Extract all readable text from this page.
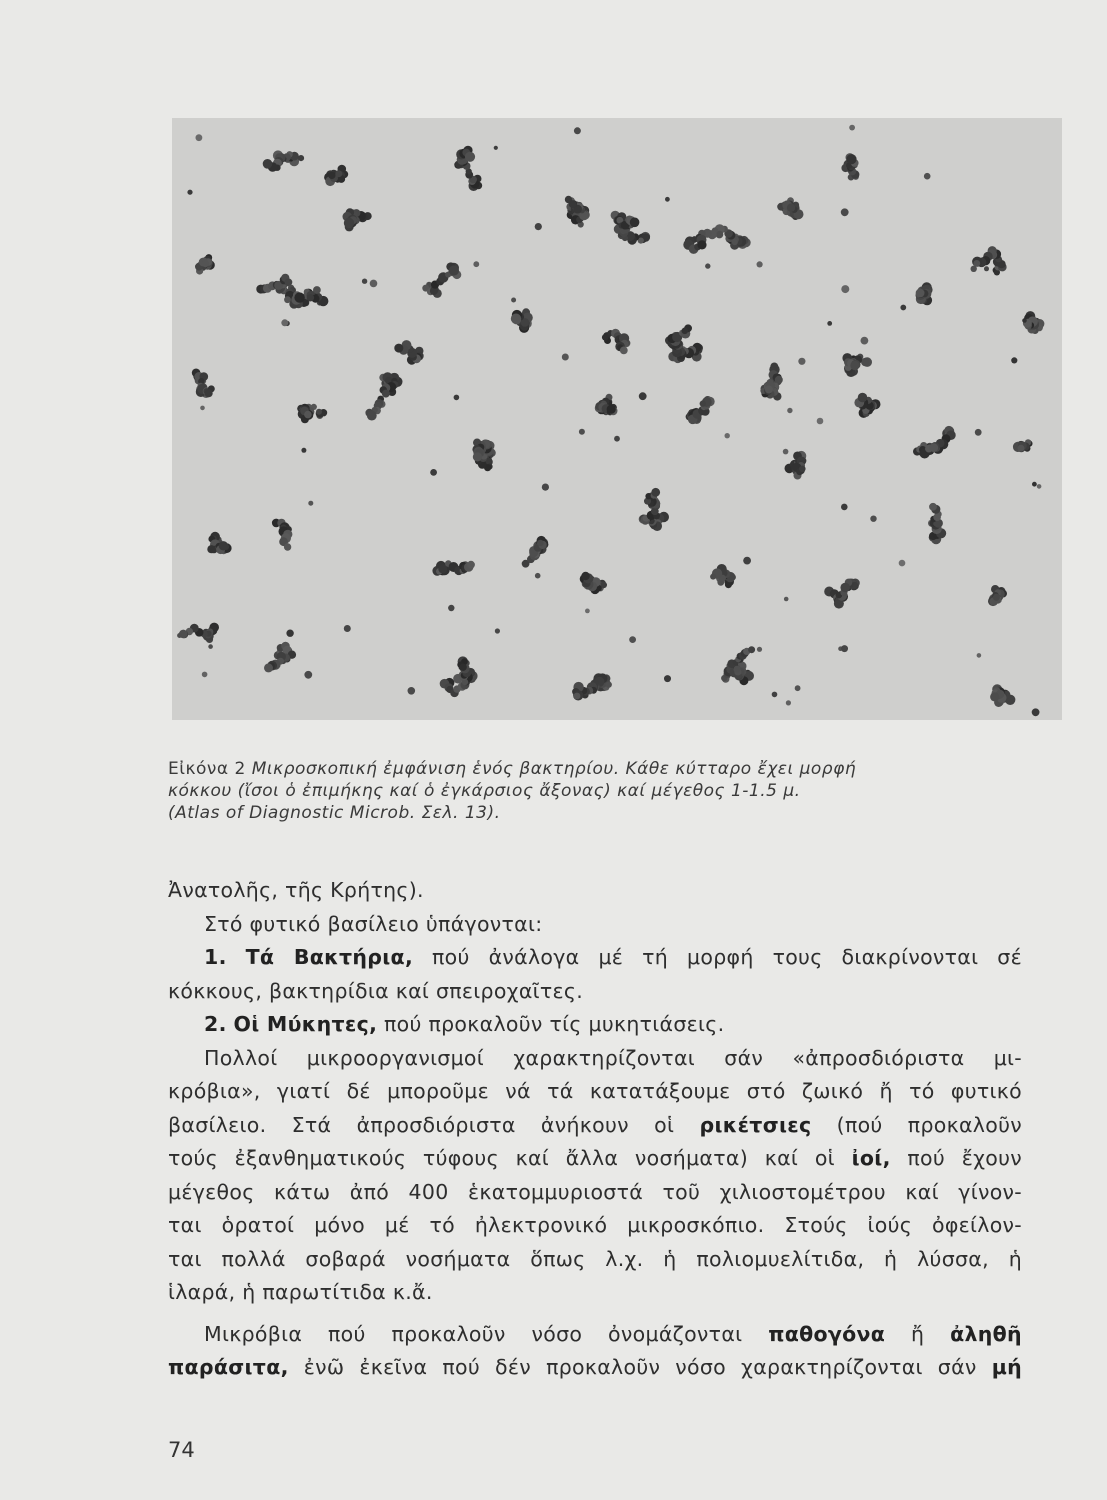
Εἰκόνα 2 Μικροσκοπική ἐμφάνιση ἑνός βακτηρίου. Κάθε κύτταρο ἔχει μορφή
κόκκου (ἴσοι ὁ ἐπιμήκης καί ὁ ἐγκάρσιος ἄξονας) καί μέγεθος 1-1.5 μ.
(Atlas of Diagnostic Microb. Σελ. 13).

Ἀνατολῆς, τῆς Κρήτης).

Στό φυτικό βασίλειο ὑπάγονται:

1. Τά Βακτήρια, πού ἀνάλογα μέ τή μορφή τους διακρίνονται σέ

κόκκους, βακτηρίδια καί σπειροχαῖτες.

2. Οἱ Μύκητες, πού προκαλοῦν τίς μυκητιάσεις.

Πολλοί μικροοργανισμοί χαρακτηρίζονται σάν «ἀπροσδιόριστα μι-

κρόβια», γιατί δέ μποροῦμε νά τά κατατάξουμε στό ζωικό ἤ τό φυτικό

βασίλειο. Στά ἀπροσδιόριστα ἀνήκουν οἱ ρικέτσιες (πού προκαλοῦν

τούς ἐξανθηματικούς τύφους καί ἄλλα νοσήματα) καί οἱ ἰοί, πού ἔχουν

μέγεθος κάτω ἀπό 400 ἑκατομμυριοστά τοῦ χιλιοστομέτρου καί γίνον-

ται ὁρατοί μόνο μέ τό ἠλεκτρονικό μικροσκόπιο. Στούς ἰούς ὀφείλον-

ται πολλά σοβαρά νοσήματα ὅπως λ.χ. ἡ πολιομυελίτιδα, ἡ λύσσα, ἡ

ἱλαρά, ἡ παρωτίτιδα κ.ἄ.

Μικρόβια πού προκαλοῦν νόσο ὀνομάζονται παθογόνα ἤ ἀληθῆ

παράσιτα, ἐνῶ ἐκεῖνα πού δέν προκαλοῦν νόσο χαρακτηρίζονται σάν μή

74
